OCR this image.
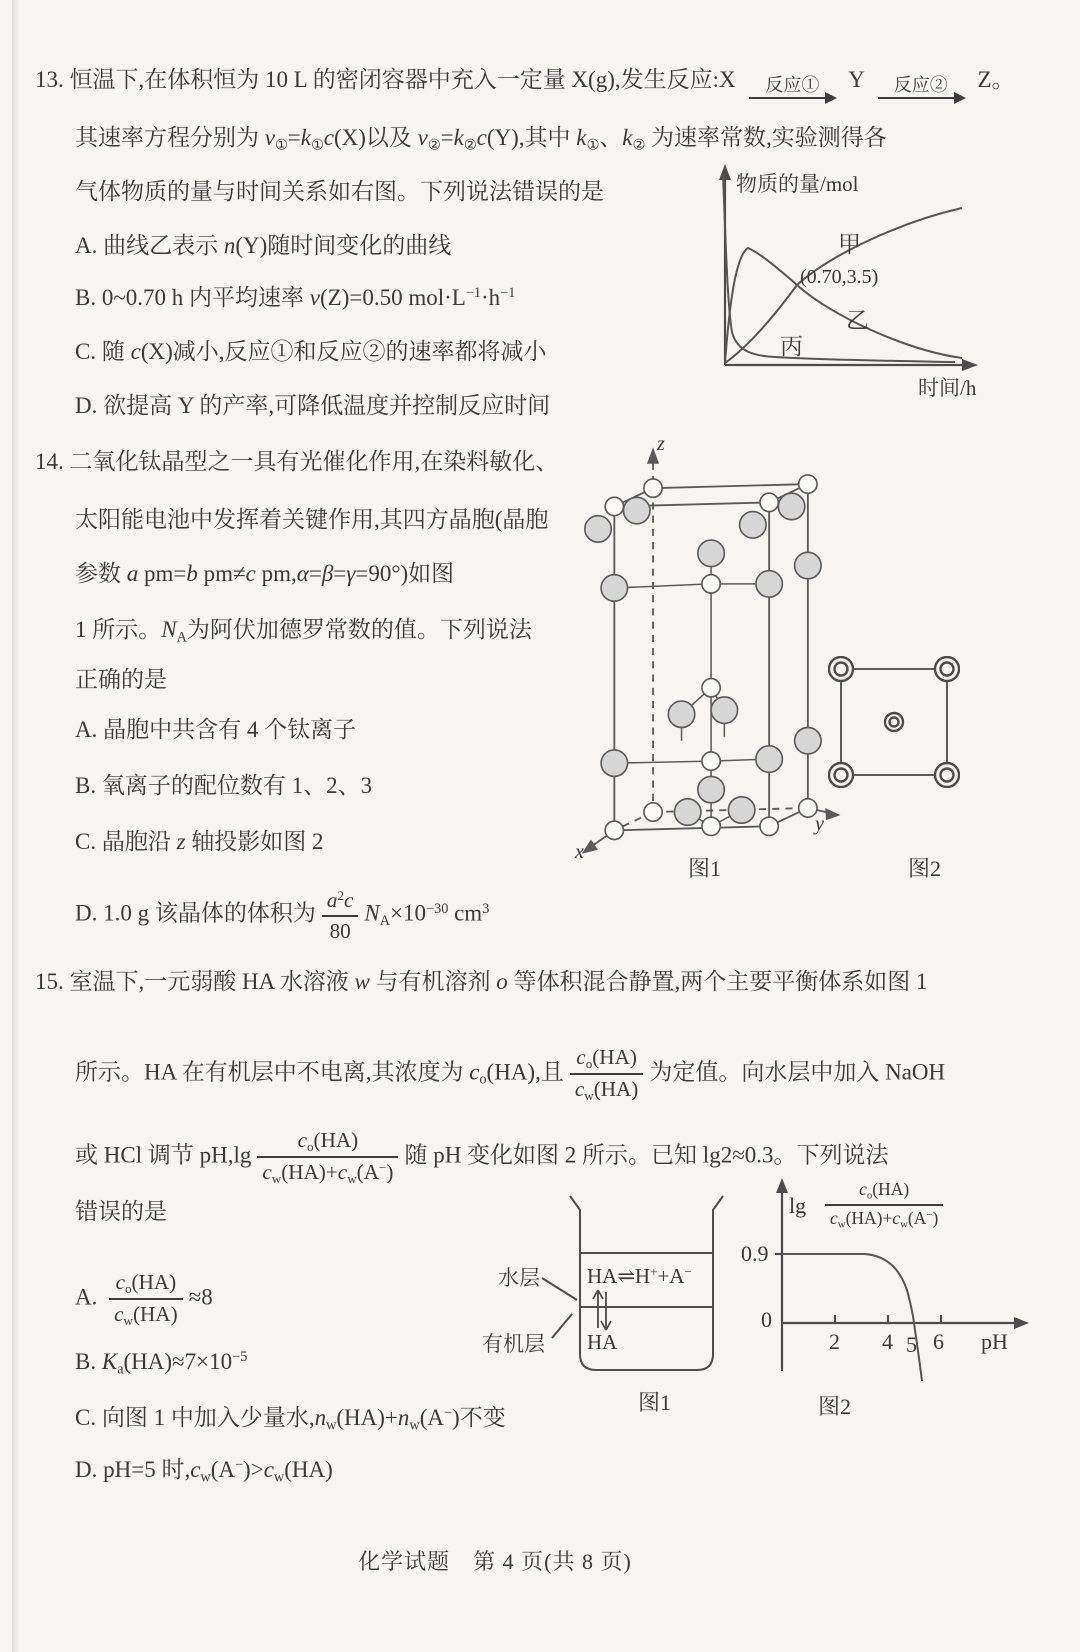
13. 恒温下,在体积恒为 10 L 的密闭容器中充入一定量 X(g),发生反应:X 反应① Y 反应② Z。
其速率方程分别为 $v_①=k_①c(X)$以及 $v_②=k_②c(Y)$,其中 $k_①$、$k_②$ 为速率常数,实验测得各
气体物质的量与时间关系如右图。下列说法错误的是
A. 曲线乙表示 n(Y)随时间变化的曲线
B. 0~0.70 h 内平均速率 v(Z)=0.50 $mol\cdot L^{-1}\cdot h^{-1}$
C. 随 c(X)减小,反应①和反应②的速率都将减小
D. 欲提高 Y 的产率,可降低温度并控制反应时间
物质的量/mol
时间/h
甲
(0.70,3.5)
乙
丙
14. 二氧化钛晶型之一具有光催化作用,在染料敏化、
太阳能电池中发挥着关键作用,其四方晶胞(晶胞
参数 a pm=b pm≠c pm,α=β=γ=90°)如图
1 所示。$N_A$为阿伏加德罗常数的值。下列说法
正确的是
A. 晶胞中共含有 4 个钛离子
B. 氧离子的配位数有 1、2、3
C. 晶胞沿 z 轴投影如图 2
D. 1.0 g 该晶体的体积为 $\frac{a^2c}{80} N_A\times 10^{-30}$ $cm^3$
z
x
y
图1	图2
15. 室温下,一元弱酸 HA 水溶液 w 与有机溶剂 o 等体积混合静置,两个主要平衡体系如图 1
所示。HA 在有机层中不电离,其浓度为 $c_o(HA)$,且 $\frac{c_o(HA)}{c_w(HA)}$ 为定值。向水层中加入 NaOH
或 HCl 调节 $pH,\lg \frac{c_o(HA)}{c_w(HA)+c_w(A^-)}$ 随 pH 变化如图 2 所示。已知 lg2≈0.3。下列说法
错误的是
A. $\frac{c_o(HA)}{c_w(HA)} \approx 8$
B. $K_a(HA)\approx 7\times 10^{-5}$
C. 向图 1 中加入少量水$,n_w(HA)+n_w(A^-)$不变
D. pH=5 时$,c_w(A^-)>c_w(HA)$
水层 HA⇌H++A−
有机层 HA
图1
$\lg \frac{c_o(HA)}{c_w(HA)+c_w(A^-)}$
0.9
0
2 4 5 6 pH
图2
化学试题　第 4 页(共 8 页)
